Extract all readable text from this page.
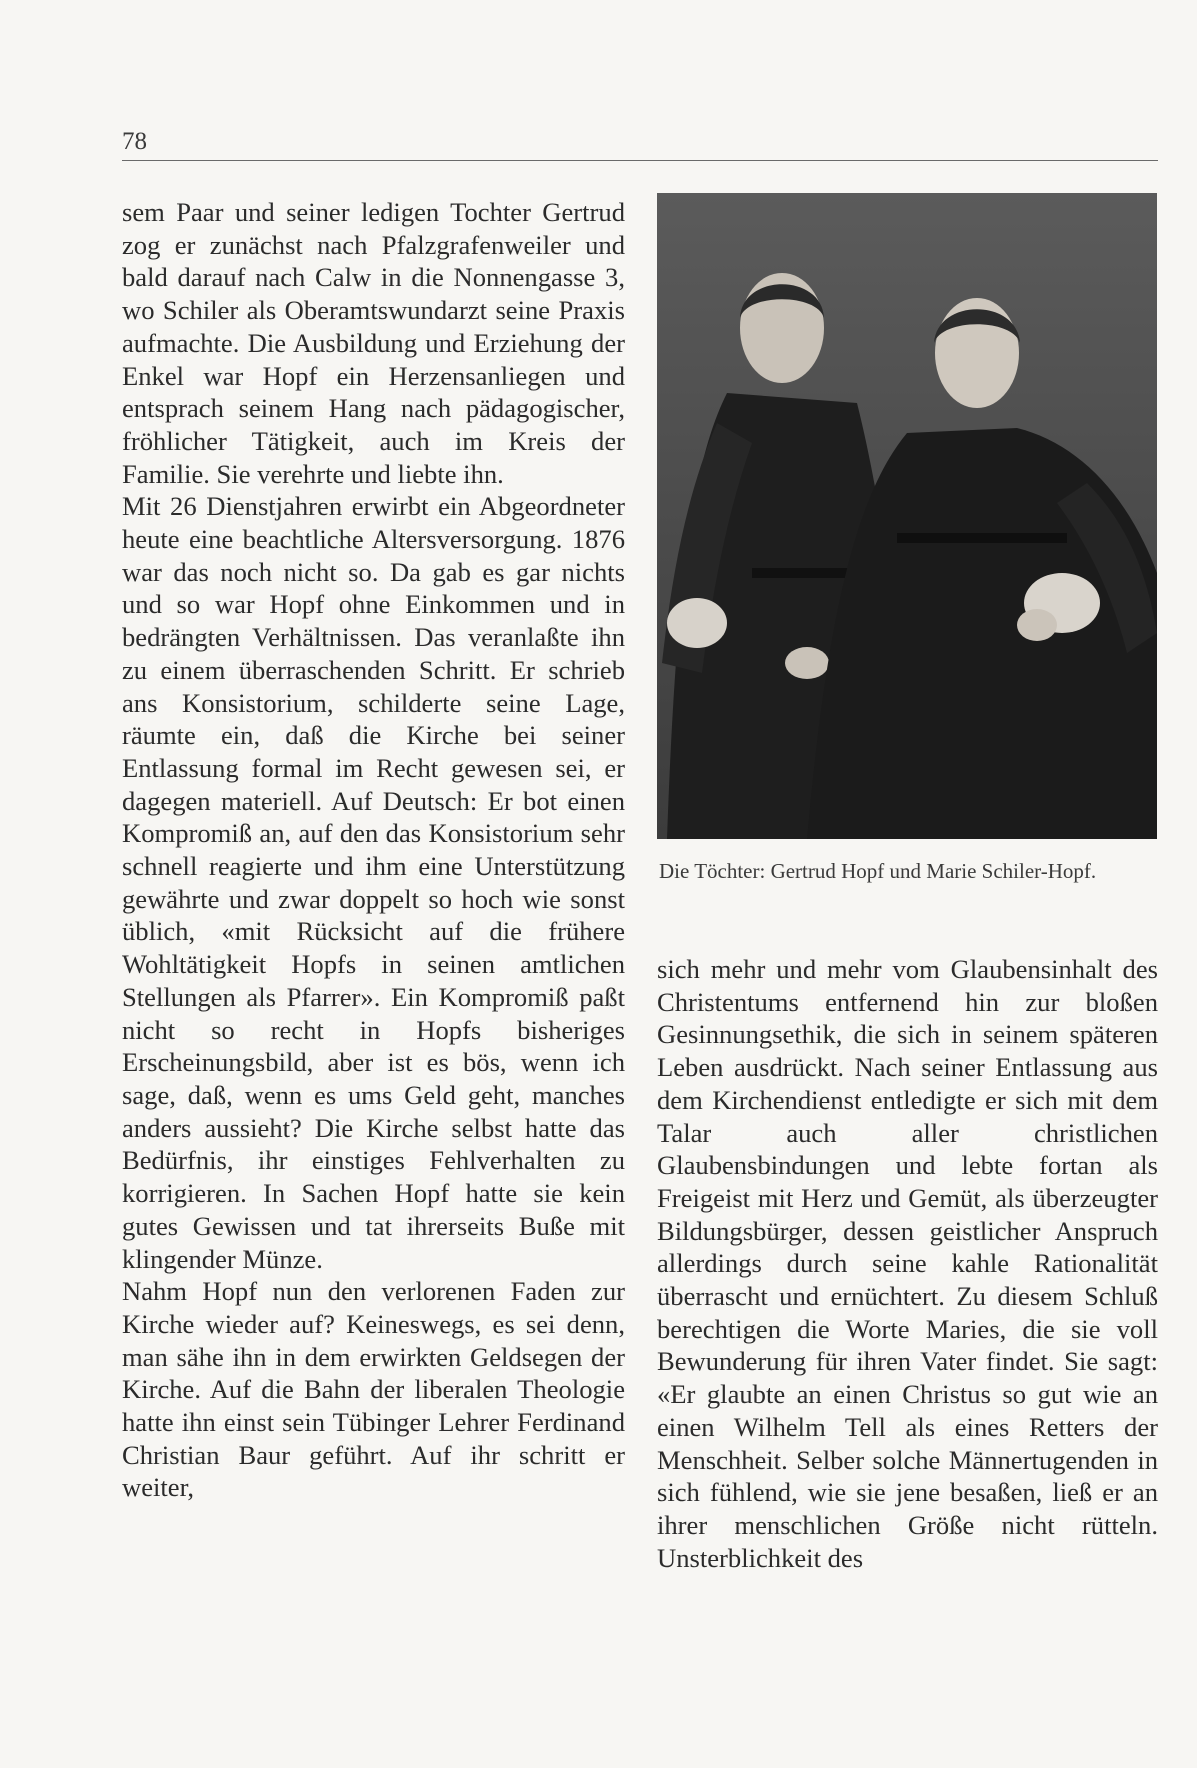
78

sem Paar und seiner ledigen Tochter Gertrud zog er zunächst nach Pfalzgrafenweiler und bald darauf nach Calw in die Nonnengasse 3, wo Schiler als Oberamtswundarzt seine Praxis aufmachte. Die Ausbildung und Erziehung der Enkel war Hopf ein Herzensanliegen und entsprach seinem Hang nach pädagogischer, fröhlicher Tätigkeit, auch im Kreis der Familie. Sie verehrte und liebte ihn.

Mit 26 Dienstjahren erwirbt ein Abgeordneter heute eine beachtliche Altersversorgung. 1876 war das noch nicht so. Da gab es gar nichts und so war Hopf ohne Einkommen und in bedrängten Verhältnissen. Das veranlaßte ihn zu einem überraschenden Schritt. Er schrieb ans Konsistorium, schilderte seine Lage, räumte ein, daß die Kirche bei seiner Entlassung formal im Recht gewesen sei, er dagegen materiell. Auf Deutsch: Er bot einen Kompromiß an, auf den das Konsistorium sehr schnell reagierte und ihm eine Unterstützung gewährte und zwar doppelt so hoch wie sonst üblich, «mit Rücksicht auf die frühere Wohltätigkeit Hopfs in seinen amtlichen Stellungen als Pfarrer». Ein Kompromiß paßt nicht so recht in Hopfs bisheriges Erscheinungsbild, aber ist es bös, wenn ich sage, daß, wenn es ums Geld geht, manches anders aussieht? Die Kirche selbst hatte das Bedürfnis, ihr einstiges Fehlverhalten zu korrigieren. In Sachen Hopf hatte sie kein gutes Gewissen und tat ihrerseits Buße mit klingender Münze.

Nahm Hopf nun den verlorenen Faden zur Kirche wieder auf? Keineswegs, es sei denn, man sähe ihn in dem erwirkten Geldsegen der Kirche. Auf die Bahn der liberalen Theologie hatte ihn einst sein Tübinger Lehrer Ferdinand Christian Baur geführt. Auf ihr schritt er weiter,

Die Töchter: Gertrud Hopf und Marie Schiler-Hopf.

sich mehr und mehr vom Glaubensinhalt des Christentums entfernend hin zur bloßen Gesinnungsethik, die sich in seinem späteren Leben ausdrückt. Nach seiner Entlassung aus dem Kirchendienst entledigte er sich mit dem Talar auch aller christlichen Glaubensbindungen und lebte fortan als Freigeist mit Herz und Gemüt, als überzeugter Bildungsbürger, dessen geistlicher Anspruch allerdings durch seine kahle Rationalität überrascht und ernüchtert. Zu diesem Schluß berechtigen die Worte Maries, die sie voll Bewunderung für ihren Vater findet. Sie sagt: «Er glaubte an einen Christus so gut wie an einen Wilhelm Tell als eines Retters der Menschheit. Selber solche Männertugenden in sich fühlend, wie sie jene besaßen, ließ er an ihrer menschlichen Größe nicht rütteln. Unsterblichkeit des
